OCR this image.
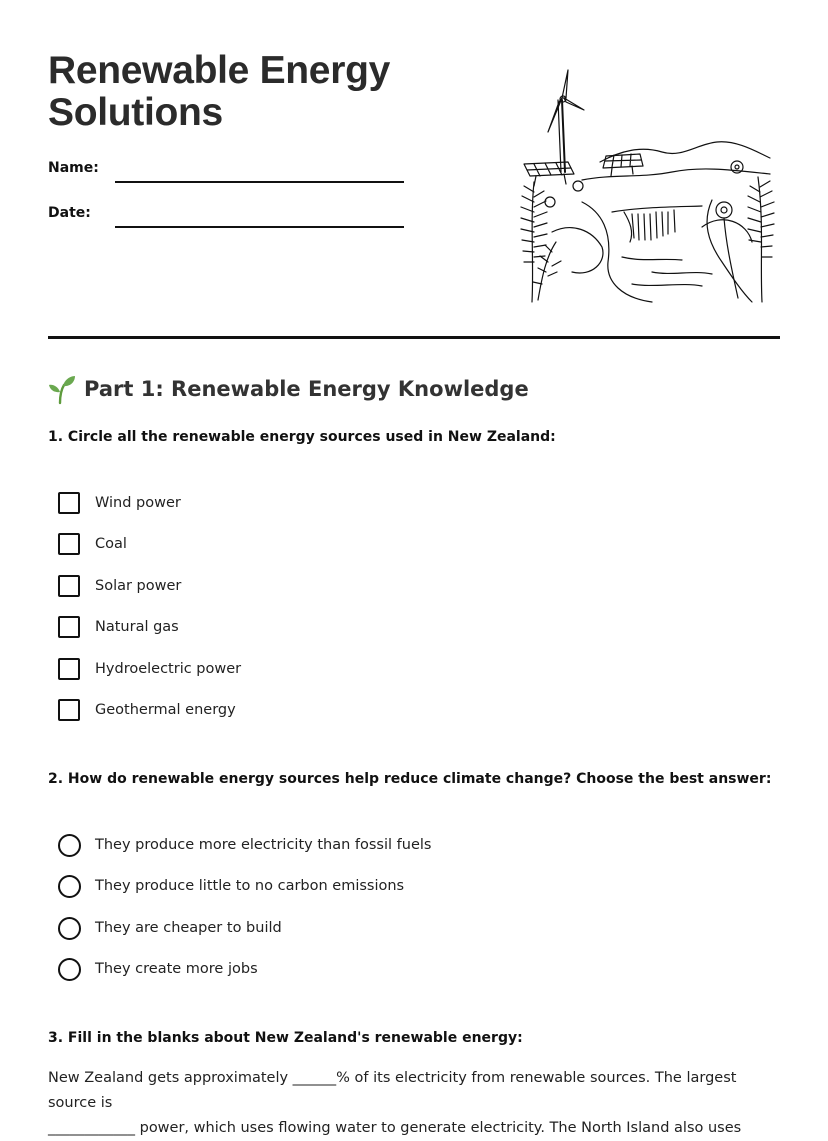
Renewable Energy
Solutions
Name:
Date:
Part 1: Renewable Energy Knowledge
1. Circle all the renewable energy sources used in New Zealand:
Wind power
Coal
Solar power
Natural gas
Hydroelectric power
Geothermal energy
2. How do renewable energy sources help reduce climate change? Choose the best answer:
They produce more electricity than fossil fuels
They produce little to no carbon emissions
They are cheaper to build
They create more jobs
3. Fill in the blanks about New Zealand's renewable energy:
New Zealand gets approximately ______% of its electricity from renewable sources. The largest source is
____________ power, which uses flowing water to generate electricity. The North Island also uses
